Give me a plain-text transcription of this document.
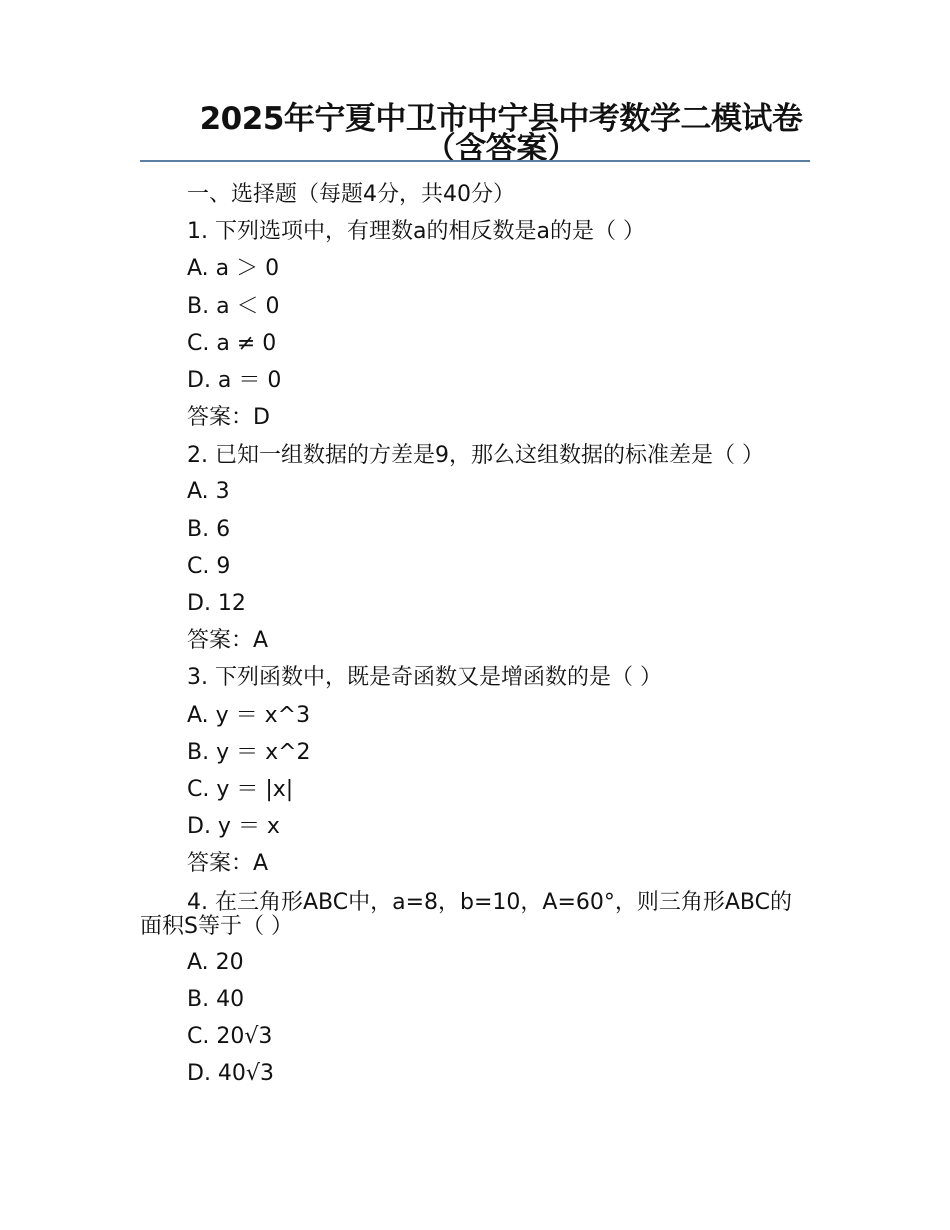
2025年宁夏中卫市中宁县中考数学二模试卷（含答案）
一、选择题（每题4分，共40分）
1. 下列选项中，有理数a的相反数是a的是（ ）
A. a ＞ 0
B. a ＜ 0
C. a ≠ 0
D. a ＝ 0
答案：D
2. 已知一组数据的方差是9，那么这组数据的标准差是（ ）
A. 3
B. 6
C. 9
D. 12
答案：A
3. 下列函数中，既是奇函数又是增函数的是（ ）
A. y ＝ x^3
B. y ＝ x^2
C. y ＝ |x|
D. y ＝ x
答案：A
4. 在三角形ABC中，a=8，b=10，A=60°，则三角形ABC的面积S等于（ ）
A. 20
B. 40
C. 20√3
D. 40√3
